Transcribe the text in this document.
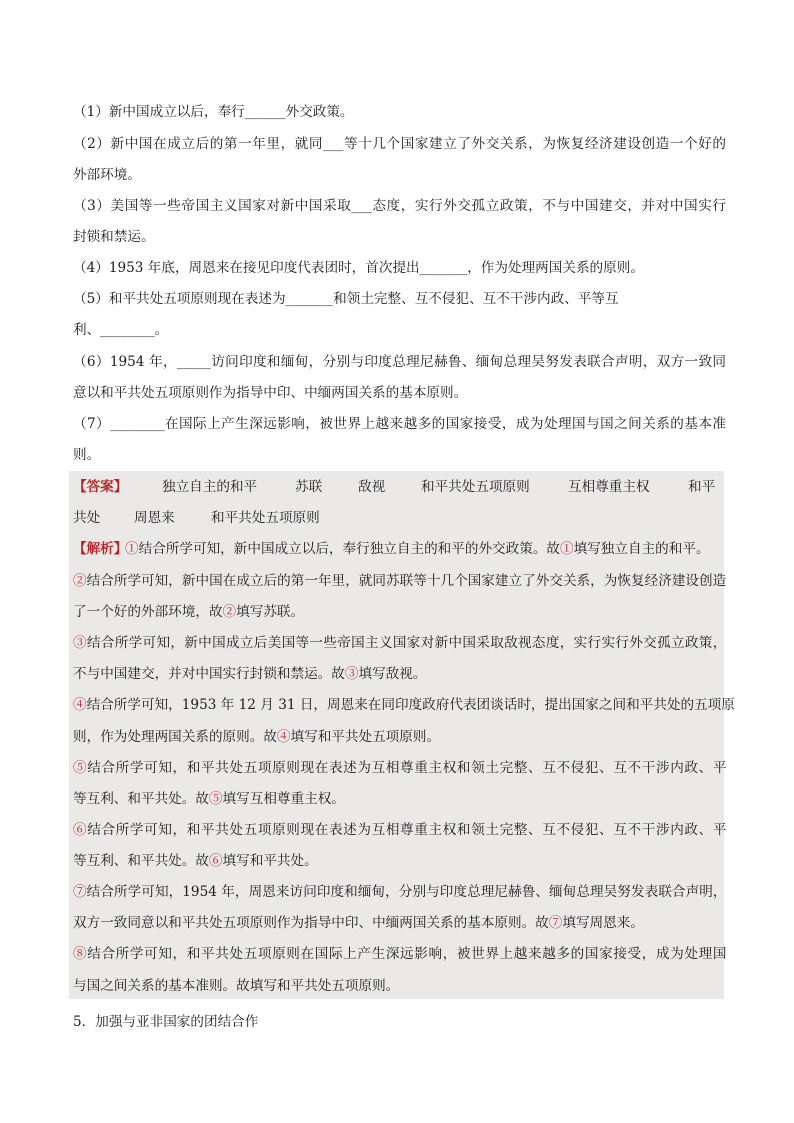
（1）新中国成立以后，奉行______外交政策。
（2）新中国在成立后的第一年里，就同___等十几个国家建立了外交关系，为恢复经济建设创造一个好的
外部环境。
（3）美国等一些帝国主义国家对新中国采取___态度，实行外交孤立政策，不与中国建交，并对中国实行
封锁和禁运。
（4）1953 年底，周恩来在接见印度代表团时，首次提出_______，作为处理两国关系的原则。
（5）和平共处五项原则现在表述为_______和领土完整、互不侵犯、互不干涉内政、平等互
利、________。
（6）1954 年，_____访问印度和缅甸，分别与印度总理尼赫鲁、缅甸总理吴努发表联合声明，双方一致同
意以和平共处五项原则作为指导中印、中缅两国关系的基本原则。
（7）________在国际上产生深远影响，被世界上越来越多的国家接受，成为处理国与国之间关系的基本准
则。
【答案】	独立自主的和平	苏联	敌视	和平共处五项原则	互相尊重主权	和平
共处 周恩来	和平共处五项原则
【解析】
①结合所学可知，新中国成立以后，奉行独立自主的和平的外交政策。故①填写独立自主的和平。
②结合所学可知，新中国在成立后的第一年里，就同苏联等十几个国家建立了外交关系，为恢复经济建设创造
了一个好的外部环境，故②填写苏联。
③结合所学可知，新中国成立后美国等一些帝国主义国家对新中国采取敌视态度，实行实行外交孤立政策，
不与中国建交，并对中国实行封锁和禁运。故③填写敌视。
④结合所学可知，1953 年 12 月 31 日，周恩来在同印度政府代表团谈话时，提出国家之间和平共处的五项原
则，作为处理两国关系的原则。故④填写和平共处五项原则。
⑤结合所学可知，和平共处五项原则现在表述为互相尊重主权和领土完整、互不侵犯、互不干涉内政、平
等互利、和平共处。故⑤填写互相尊重主权。
⑥结合所学可知，和平共处五项原则现在表述为互相尊重主权和领土完整、互不侵犯、互不干涉内政、平
等互利、和平共处。故⑥填写和平共处。
⑦结合所学可知，1954 年，周恩来访问印度和缅甸，分别与印度总理尼赫鲁、缅甸总理吴努发表联合声明，
双方一致同意以和平共处五项原则作为指导中印、中缅两国关系的基本原则。故⑦填写周恩来。
⑧结合所学可知，和平共处五项原则在国际上产生深远影响，被世界上越来越多的国家接受，成为处理国
与国之间关系的基本准则。故填写和平共处五项原则。
5．加强与亚非国家的团结合作
